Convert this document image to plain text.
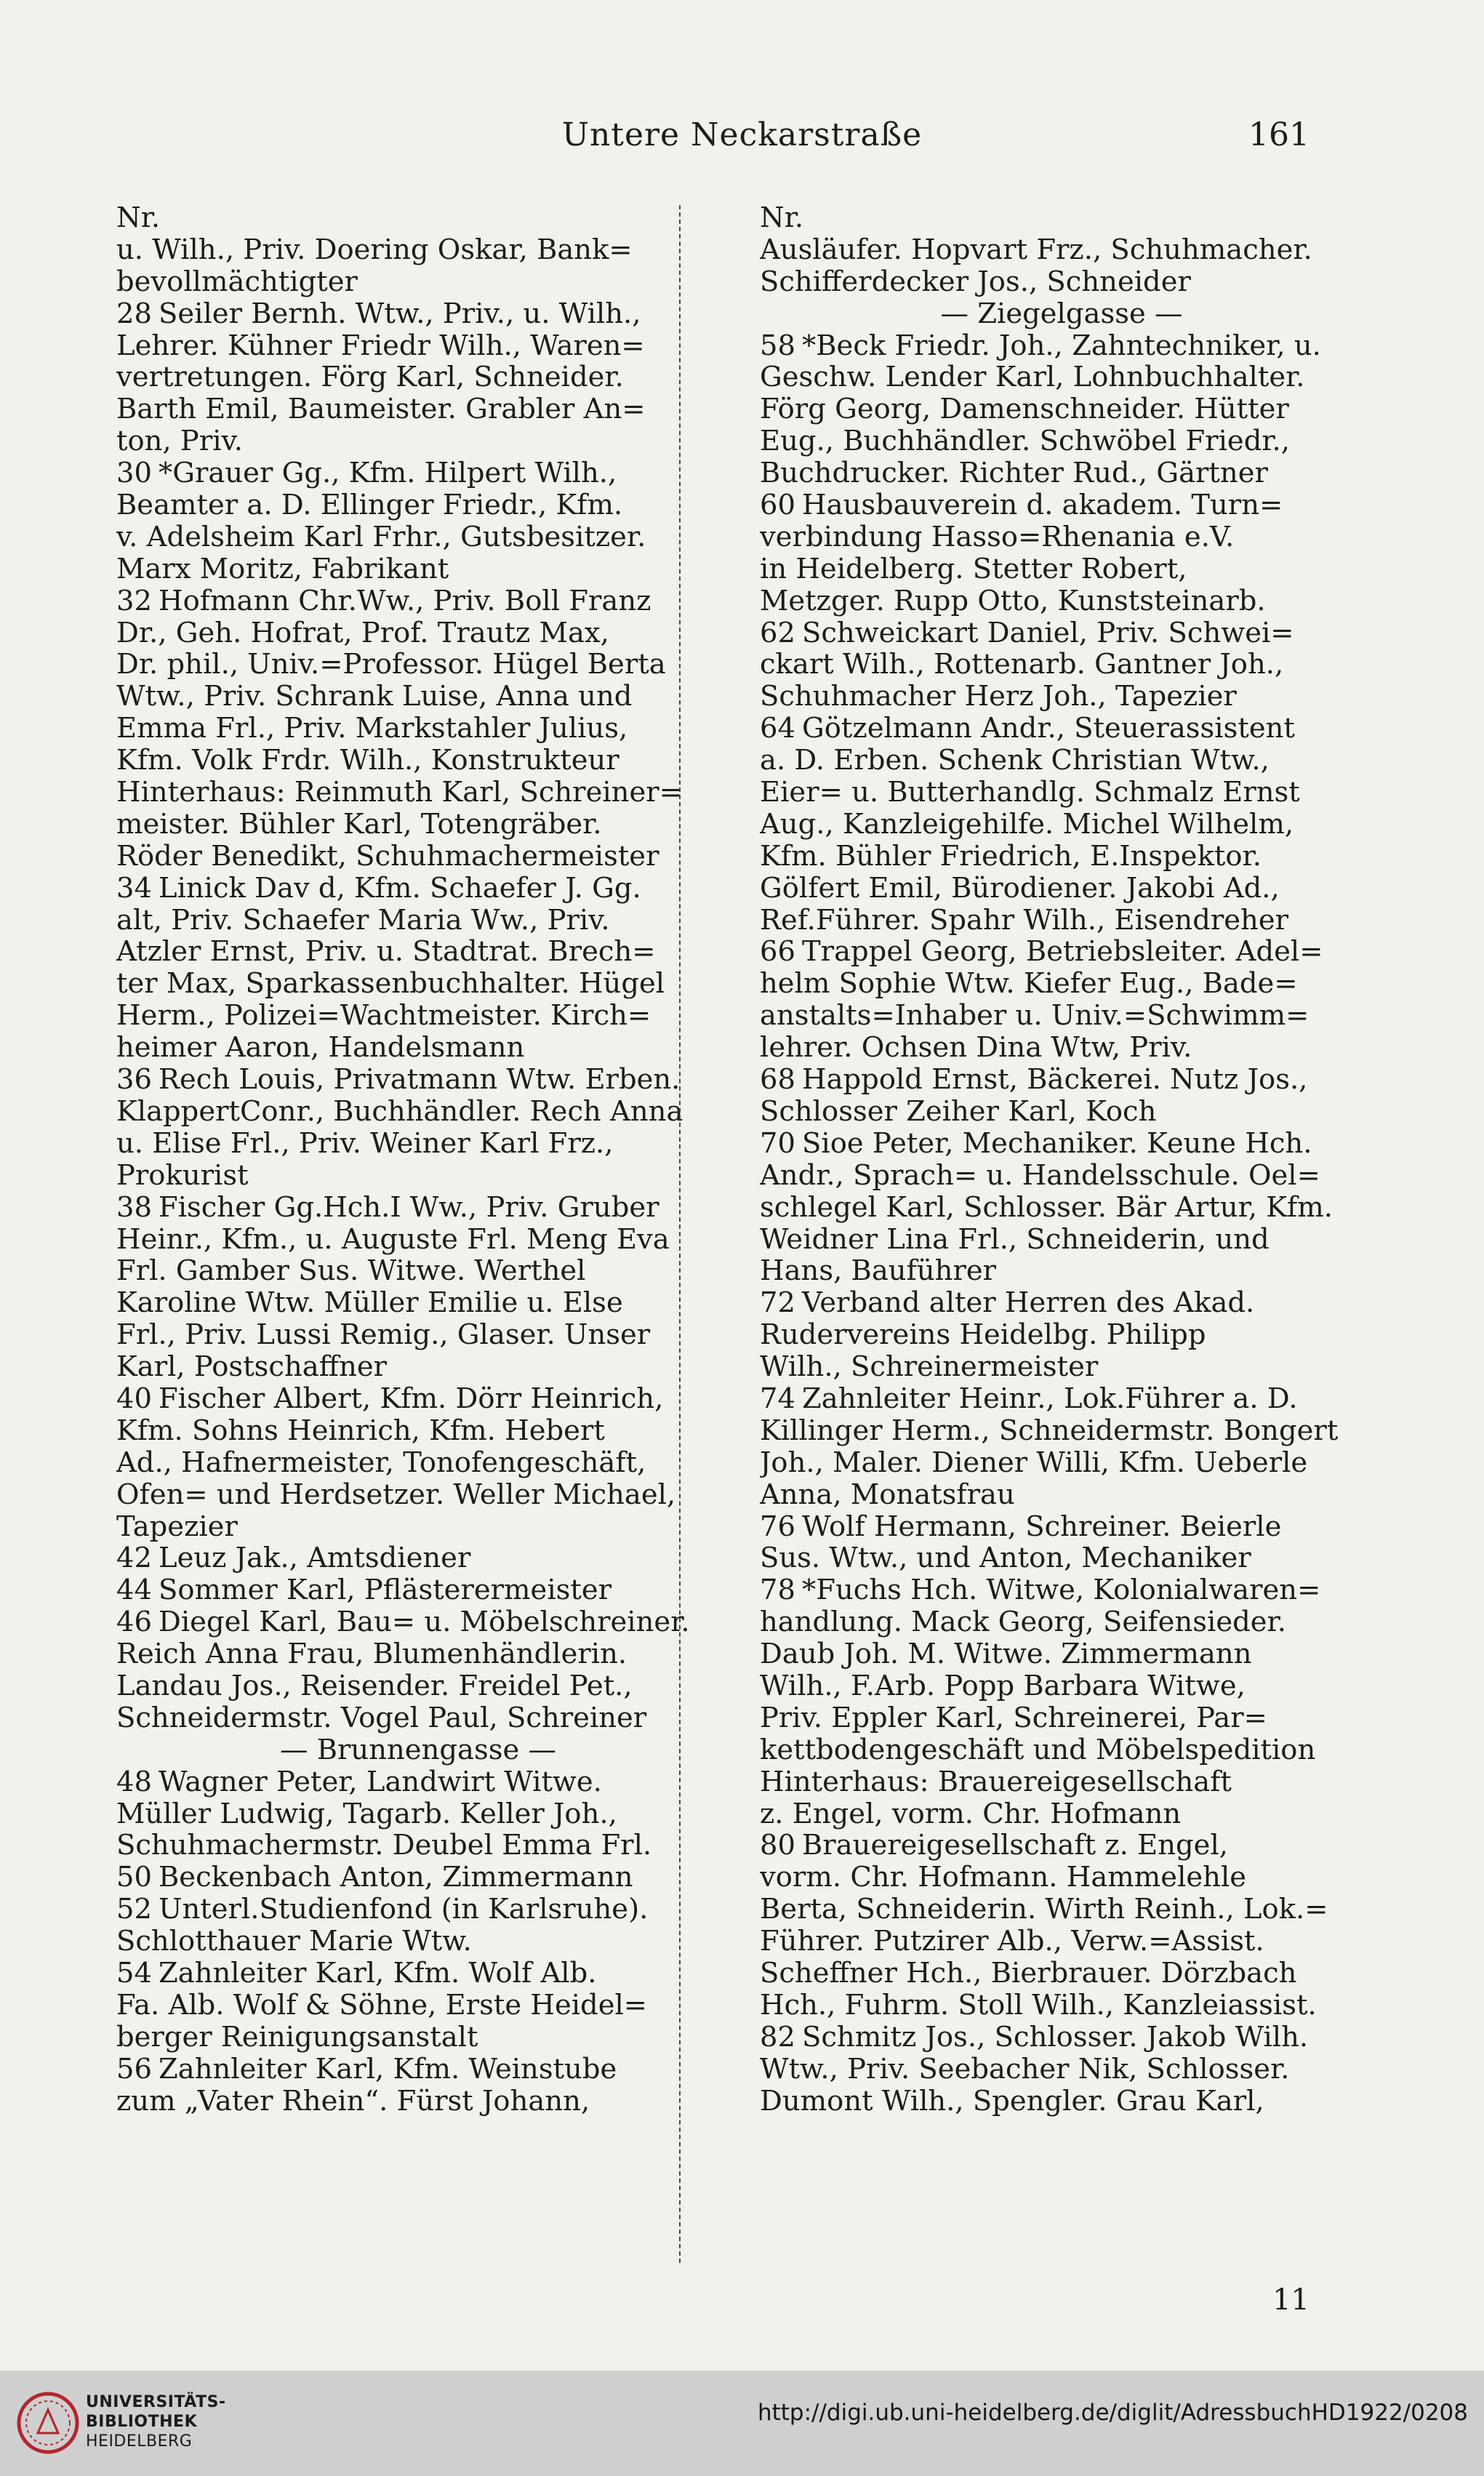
Untere Neckarstraße	161
Nr.
u. Wilh., Priv. Doering Oskar, Bank=
bevollmächtigter
28 Seiler Bernh. Wtw., Priv., u. Wilh.,
Lehrer. Kühner Friedr Wilh., Waren=
vertretungen. Förg Karl, Schneider.
Barth Emil, Baumeister. Grabler An=
ton, Priv.
30 *Grauer Gg., Kfm. Hilpert Wilh.,
Beamter a. D. Ellinger Friedr., Kfm.
v. Adelsheim Karl Frhr., Gutsbesitzer.
Marx Moritz, Fabrikant
32 Hofmann Chr.Ww., Priv. Boll Franz
Dr., Geh. Hofrat, Prof. Trautz Max,
Dr. phil., Univ.=Professor. Hügel Berta
Wtw., Priv. Schrank Luise, Anna und
Emma Frl., Priv. Markstahler Julius,
Kfm. Volk Frdr. Wilh., Konstrukteur
Hinterhaus: Reinmuth Karl, Schreiner=
meister. Bühler Karl, Totengräber.
Röder Benedikt, Schuhmachermeister
34 Linick Dav d, Kfm. Schaefer J. Gg.
alt, Priv. Schaefer Maria Ww., Priv.
Atzler Ernst, Priv. u. Stadtrat. Brech=
ter Max, Sparkassenbuchhalter. Hügel
Herm., Polizei=Wachtmeister. Kirch=
heimer Aaron, Handelsmann
36 Rech Louis, Privatmann Wtw. Erben.
KlappertConr., Buchhändler. Rech Anna
u. Elise Frl., Priv. Weiner Karl Frz.,
Prokurist
38 Fischer Gg.Hch.I Ww., Priv. Gruber
Heinr., Kfm., u. Auguste Frl. Meng Eva
Frl. Gamber Sus. Witwe. Werthel
Karoline Wtw. Müller Emilie u. Else
Frl., Priv. Lussi Remig., Glaser. Unser
Karl, Postschaffner
40 Fischer Albert, Kfm. Dörr Heinrich,
Kfm. Sohns Heinrich, Kfm. Hebert
Ad., Hafnermeister, Tonofengeschäft,
Ofen= und Herdsetzer. Weller Michael,
Tapezier
42 Leuz Jak., Amtsdiener
44 Sommer Karl, Pflästerermeister
46 Diegel Karl, Bau= u. Möbelschreiner.
Reich Anna Frau, Blumenhändlerin.
Landau Jos., Reisender. Freidel Pet.,
Schneidermstr. Vogel Paul, Schreiner
— Brunnengasse —
48 Wagner Peter, Landwirt Witwe.
Müller Ludwig, Tagarb. Keller Joh.,
Schuhmachermstr. Deubel Emma Frl.
50 Beckenbach Anton, Zimmermann
52 Unterl.Studienfond (in Karlsruhe).
Schlotthauer Marie Wtw.
54 Zahnleiter Karl, Kfm. Wolf Alb.
Fa. Alb. Wolf & Söhne, Erste Heidel=
berger Reinigungsanstalt
56 Zahnleiter Karl, Kfm. Weinstube
zum „Vater Rhein“. Fürst Johann,
Nr.
Ausläufer. Hopvart Frz., Schuhmacher.
Schifferdecker Jos., Schneider
— Ziegelgasse —
58 *Beck Friedr. Joh., Zahntechniker, u.
Geschw. Lender Karl, Lohnbuchhalter.
Förg Georg, Damenschneider. Hütter
Eug., Buchhändler. Schwöbel Friedr.,
Buchdrucker. Richter Rud., Gärtner
60 Hausbauverein d. akadem. Turn=
verbindung Hasso=Rhenania e.V.
in Heidelberg. Stetter Robert,
Metzger. Rupp Otto, Kunststeinarb.
62 Schweickart Daniel, Priv. Schwei=
ckart Wilh., Rottenarb. Gantner Joh.,
Schuhmacher Herz Joh., Tapezier
64 Götzelmann Andr., Steuerassistent
a. D. Erben. Schenk Christian Wtw.,
Eier= u. Butterhandlg. Schmalz Ernst
Aug., Kanzleigehilfe. Michel Wilhelm,
Kfm. Bühler Friedrich, E.Inspektor.
Gölfert Emil, Bürodiener. Jakobi Ad.,
Ref.Führer. Spahr Wilh., Eisendreher
66 Trappel Georg, Betriebsleiter. Adel=
helm Sophie Wtw. Kiefer Eug., Bade=
anstalts=Inhaber u. Univ.=Schwimm=
lehrer. Ochsen Dina Wtw, Priv.
68 Happold Ernst, Bäckerei. Nutz Jos.,
Schlosser Zeiher Karl, Koch
70 Sioe Peter, Mechaniker. Keune Hch.
Andr., Sprach= u. Handelsschule. Oel=
schlegel Karl, Schlosser. Bär Artur, Kfm.
Weidner Lina Frl., Schneiderin, und
Hans, Bauführer
72 Verband alter Herren des Akad.
Rudervereins Heidelbg. Philipp
Wilh., Schreinermeister
74 Zahnleiter Heinr., Lok.Führer a. D.
Killinger Herm., Schneidermstr. Bongert
Joh., Maler. Diener Willi, Kfm. Ueberle
Anna, Monatsfrau
76 Wolf Hermann, Schreiner. Beierle
Sus. Wtw., und Anton, Mechaniker
78 *Fuchs Hch. Witwe, Kolonialwaren=
handlung. Mack Georg, Seifensieder.
Daub Joh. M. Witwe. Zimmermann
Wilh., F.Arb. Popp Barbara Witwe,
Priv. Eppler Karl, Schreinerei, Par=
kettbodengeschäft und Möbelspedition
Hinterhaus: Brauereigesellschaft
z. Engel, vorm. Chr. Hofmann
80 Brauereigesellschaft z. Engel,
vorm. Chr. Hofmann. Hammelehle
Berta, Schneiderin. Wirth Reinh., Lok.=
Führer. Putzirer Alb., Verw.=Assist.
Scheffner Hch., Bierbrauer. Dörzbach
Hch., Fuhrm. Stoll Wilh., Kanzleiassist.
82 Schmitz Jos., Schlosser. Jakob Wilh.
Wtw., Priv. Seebacher Nik, Schlosser.
Dumont Wilh., Spengler. Grau Karl,
11
UNIVERSITÄTS-
BIBLIOTHEK
HEIDELBERG
http://digi.ub.uni-heidelberg.de/diglit/AdressbuchHD1922/0208
